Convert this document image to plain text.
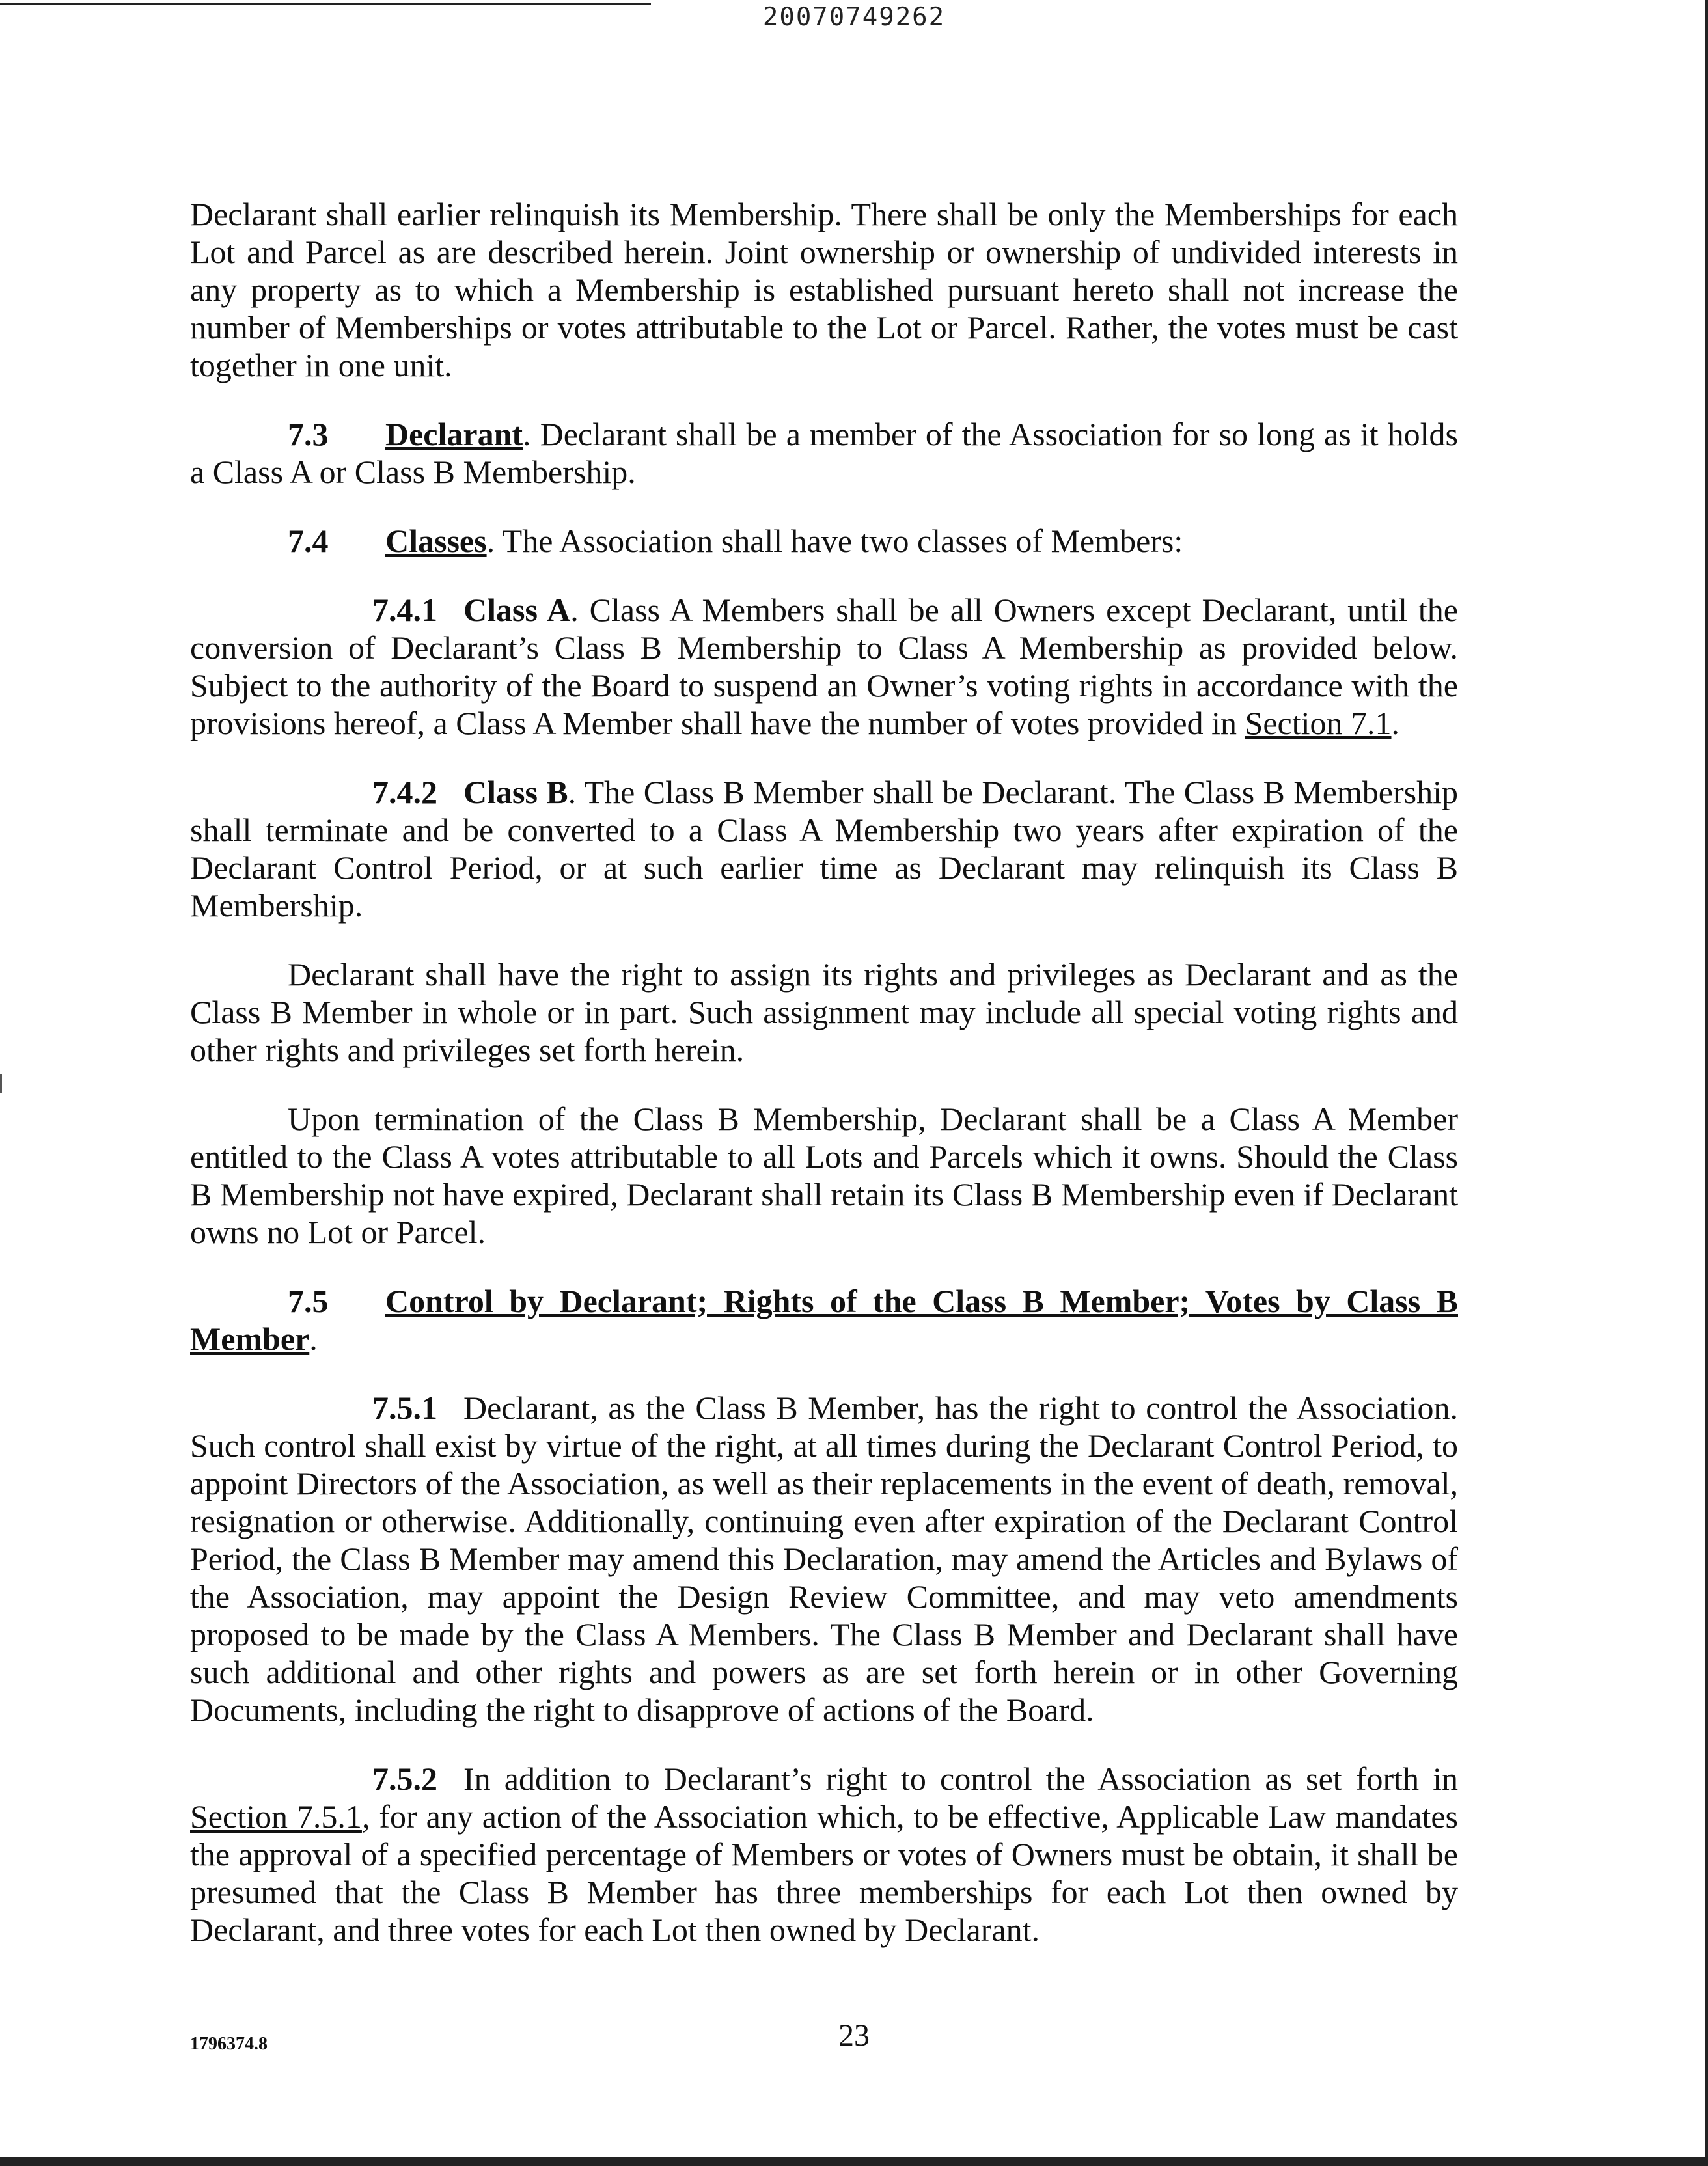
20070749262

Declarant shall earlier relinquish its Membership. There shall be only the Memberships for each Lot and Parcel as are described herein. Joint ownership or ownership of undivided interests in any property as to which a Membership is established pursuant hereto shall not increase the number of Memberships or votes attributable to the Lot or Parcel. Rather, the votes must be cast together in one unit.

7.3 Declarant. Declarant shall be a member of the Association for so long as it holds a Class A or Class B Membership.

7.4 Classes. The Association shall have two classes of Members:

7.4.1 Class A. Class A Members shall be all Owners except Declarant, until the conversion of Declarant’s Class B Membership to Class A Membership as provided below. Subject to the authority of the Board to suspend an Owner’s voting rights in accordance with the provisions hereof, a Class A Member shall have the number of votes provided in Section 7.1.

7.4.2 Class B. The Class B Member shall be Declarant. The Class B Membership shall terminate and be converted to a Class A Membership two years after expiration of the Declarant Control Period, or at such earlier time as Declarant may relinquish its Class B Membership.

Declarant shall have the right to assign its rights and privileges as Declarant and as the Class B Member in whole or in part. Such assignment may include all special voting rights and other rights and privileges set forth herein.

Upon termination of the Class B Membership, Declarant shall be a Class A Member entitled to the Class A votes attributable to all Lots and Parcels which it owns. Should the Class B Membership not have expired, Declarant shall retain its Class B Membership even if Declarant owns no Lot or Parcel.

7.5 Control by Declarant; Rights of the Class B Member; Votes by Class B Member.

7.5.1 Declarant, as the Class B Member, has the right to control the Association. Such control shall exist by virtue of the right, at all times during the Declarant Control Period, to appoint Directors of the Association, as well as their replacements in the event of death, removal, resignation or otherwise. Additionally, continuing even after expiration of the Declarant Control Period, the Class B Member may amend this Declaration, may amend the Articles and Bylaws of the Association, may appoint the Design Review Committee, and may veto amendments proposed to be made by the Class A Members. The Class B Member and Declarant shall have such additional and other rights and powers as are set forth herein or in other Governing Documents, including the right to disapprove of actions of the Board.

7.5.2 In addition to Declarant’s right to control the Association as set forth in Section 7.5.1, for any action of the Association which, to be effective, Applicable Law mandates the approval of a specified percentage of Members or votes of Owners must be obtain, it shall be presumed that the Class B Member has three memberships for each Lot then owned by Declarant, and three votes for each Lot then owned by Declarant.

1796374.8	23
